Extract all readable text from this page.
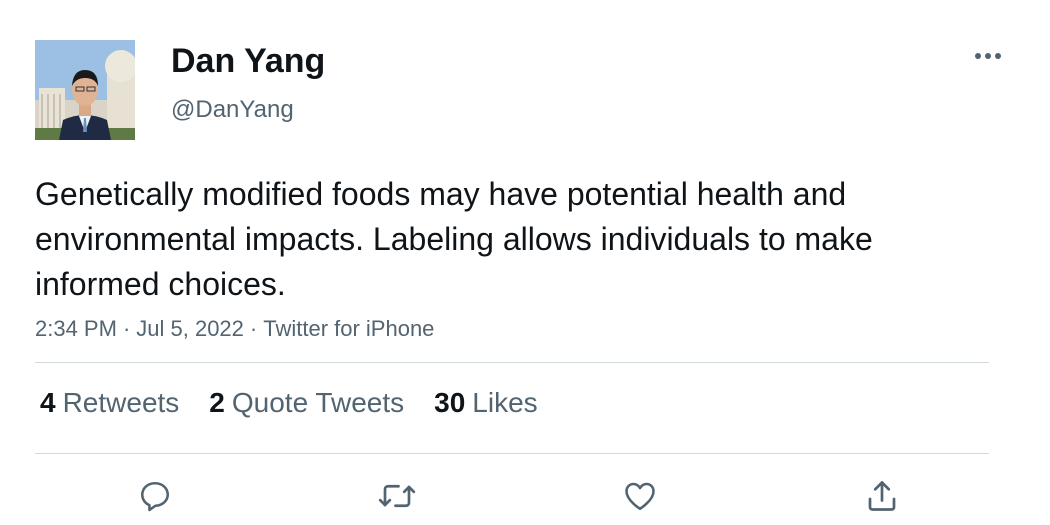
Dan Yang
@DanYang
Genetically modified foods may have potential health and environmental impacts. Labeling allows individuals to make informed choices.
2:34 PM · Jul 5, 2022 · Twitter for iPhone
4 Retweets 2 Quote Tweets 30 Likes
